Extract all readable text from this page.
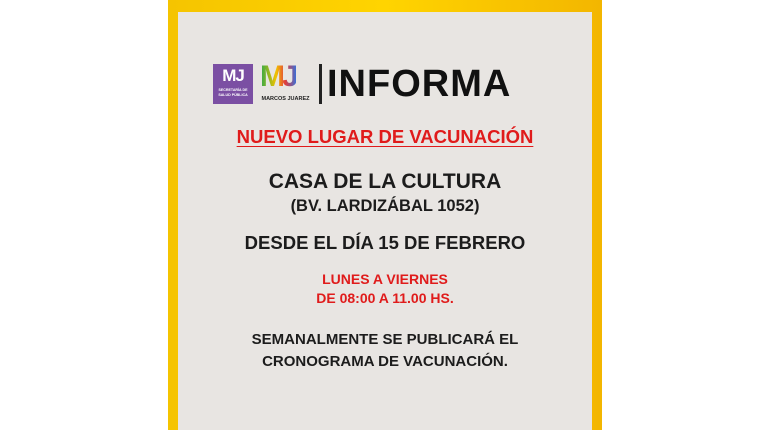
MJ
SECRETARÍA DE SALUD PÚBLICA
MJ
MARCOS JUAREZ INFORMA
NUEVO LUGAR DE VACUNACIÓN
CASA DE LA CULTURA
(BV. LARDIZÁBAL 1052)
DESDE EL DÍA 15 DE FEBRERO
LUNES A VIERNES
DE 08:00 A 11.00 HS.
SEMANALMENTE SE PUBLICARÁ EL
CRONOGRAMA DE VACUNACIÓN.
